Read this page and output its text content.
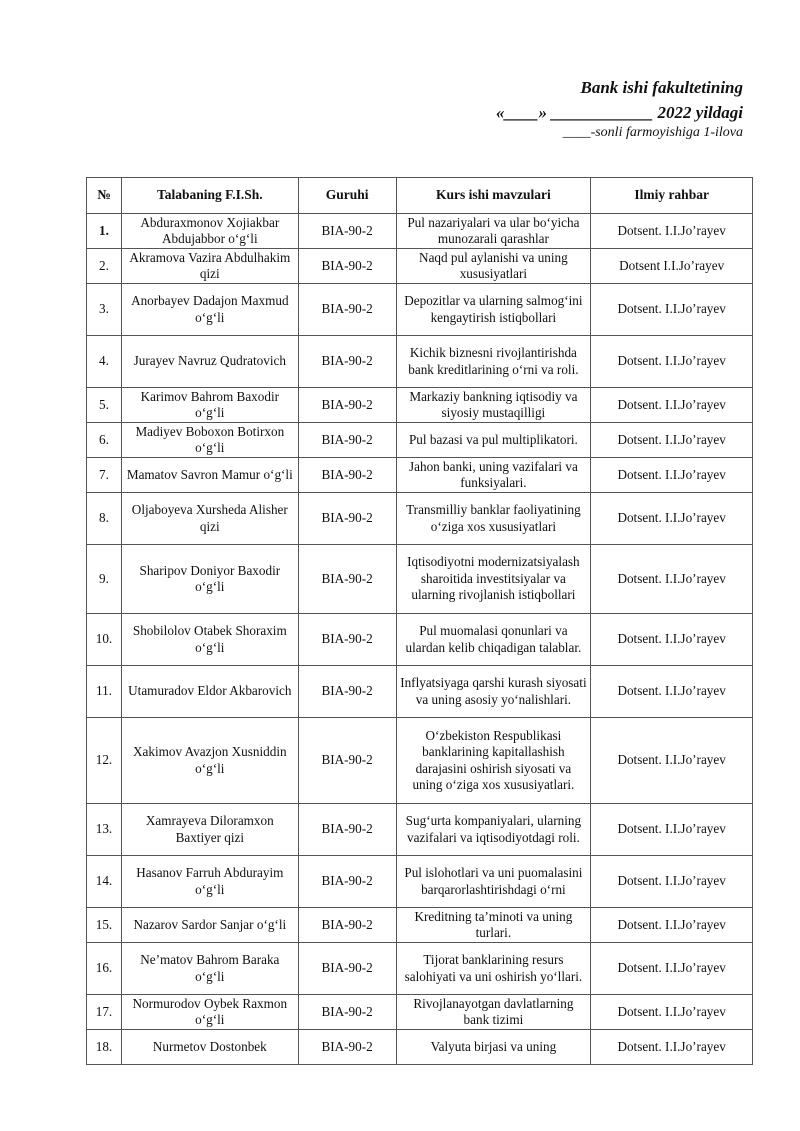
Bank ishi fakultetining
«____» ____________ 2022 yildagi
____-sonli farmoyishiga 1-ilova
№	Talabaning F.I.Sh.	Guruhi	Kurs ishi mavzulari	Ilmiy rahbar
1.	Abduraxmonov Xojiakbar Abdujabbor o‘g‘li	BIA-90-2	Pul nazariyalari va ular bo‘yicha munozarali qarashlar	Dotsent. I.I.Jo’rayev
2.	Akramova Vazira Abdulhakim qizi	BIA-90-2	Naqd pul aylanishi va uning xususiyatlari	Dotsent I.I.Jo’rayev
3.	Anorbayev Dadajon Maxmud o‘g‘li	BIA-90-2	Depozitlar va ularning salmog‘ini kengaytirish istiqbollari	Dotsent. I.I.Jo’rayev
4.	Jurayev Navruz Qudratovich	BIA-90-2	Kichik biznesni rivojlantirishda bank kreditlarining o‘rni va roli.	Dotsent. I.I.Jo’rayev
5.	Karimov Bahrom Baxodir o‘g‘li	BIA-90-2	Markaziy bankning iqtisodiy va siyosiy mustaqilligi	Dotsent. I.I.Jo’rayev
6.	Madiyev Boboxon Botirxon o‘g‘li	BIA-90-2	Pul bazasi va pul multiplikatori.	Dotsent. I.I.Jo’rayev
7.	Mamatov Savron Mamur o‘g‘li	BIA-90-2	Jahon banki, uning vazifalari va funksiyalari.	Dotsent. I.I.Jo’rayev
8.	Oljaboyeva Xursheda Alisher qizi	BIA-90-2	Transmilliy banklar faoliyatining o‘ziga xos xususiyatlari	Dotsent. I.I.Jo’rayev
9.	Sharipov Doniyor Baxodir o‘g‘li	BIA-90-2	Iqtisodiyotni modernizatsiyalash sharoitida investitsiyalar va ularning rivojlanish istiqbollari	Dotsent. I.I.Jo’rayev
10.	Shobilolov Otabek Shoraxim o‘g‘li	BIA-90-2	Pul muomalasi qonunlari va ulardan kelib chiqadigan talablar.	Dotsent. I.I.Jo’rayev
11.	Utamuradov Eldor Akbarovich	BIA-90-2	Inflyatsiyaga qarshi kurash siyosati va uning asosiy yo‘nalishlari.	Dotsent. I.I.Jo’rayev
12.	Xakimov Avazjon Xusniddin o‘g‘li	BIA-90-2	O‘zbekiston Respublikasi banklarining kapitallashish darajasini oshirish siyosati va uning o‘ziga xos xususiyatlari.	Dotsent. I.I.Jo’rayev
13.	Xamrayeva Diloramxon Baxtiyer qizi	BIA-90-2	Sug‘urta kompaniyalari, ularning vazifalari va iqtisodiyotdagi roli.	Dotsent. I.I.Jo’rayev
14.	Hasanov Farruh Abdurayim o‘g‘li	BIA-90-2	Pul islohotlari va uni puomalasini barqarorlashtirishdagi o‘rni	Dotsent. I.I.Jo’rayev
15.	Nazarov Sardor Sanjar o‘g‘li	BIA-90-2	Kreditning ta’minoti va uning turlari.	Dotsent. I.I.Jo’rayev
16.	Ne’matov Bahrom Baraka o‘g‘li	BIA-90-2	Tijorat banklarining resurs salohiyati va uni oshirish yo‘llari.	Dotsent. I.I.Jo’rayev
17.	Normurodov Oybek Raxmon o‘g‘li	BIA-90-2	Rivojlanayotgan davlatlarning bank tizimi	Dotsent. I.I.Jo’rayev
18.	Nurmetov Dostonbek	BIA-90-2	Valyuta birjasi va uning	Dotsent. I.I.Jo’rayev
